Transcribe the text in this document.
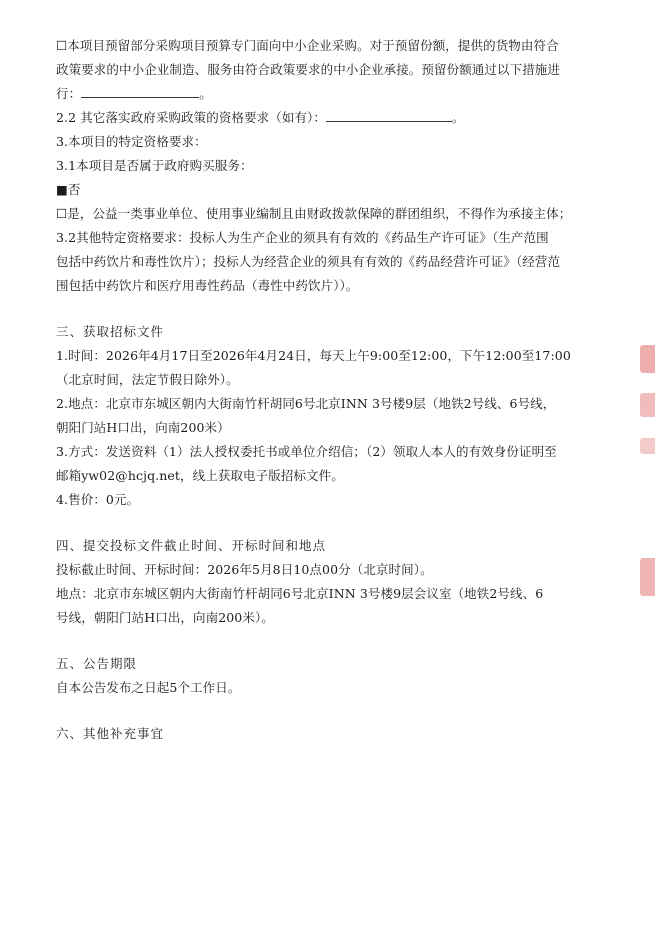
☐本项目预留部分采购项目预算专门面向中小企业采购。对于预留份额，提供的货物由符合
政策要求的中小企业制造、服务由符合政策要求的中小企业承接。预留份额通过以下措施进
行：	。
2.2 其它落实政府采购政策的资格要求（如有）：	。
3.本项目的特定资格要求：
3.1本项目是否属于政府购买服务：
■否
☐是，公益一类事业单位、使用事业编制且由财政拨款保障的群团组织，不得作为承接主体；
3.2其他特定资格要求：投标人为生产企业的须具有有效的《药品生产许可证》（生产范围
包括中药饮片和毒性饮片）；投标人为经营企业的须具有有效的《药品经营许可证》（经营范
围包括中药饮片和医疗用毒性药品（毒性中药饮片））。
三、获取招标文件
1.时间：2026年4月17日至2026年4月24日，每天上午9:00至12:00，下午12:00至17:00
（北京时间，法定节假日除外）。
2.地点：北京市东城区朝内大街南竹杆胡同6号北京INN 3号楼9层（地铁2号线、6号线，
朝阳门站H口出，向南200米）
3.方式：发送资料（1）法人授权委托书或单位介绍信；（2）领取人本人的有效身份证明至
邮箱yw02@hcjq.net，线上获取电子版招标文件。
4.售价：0元。
四、提交投标文件截止时间、开标时间和地点
投标截止时间、开标时间：2026年5月8日10点00分（北京时间）。
地点：北京市东城区朝内大街南竹杆胡同6号北京INN 3号楼9层会议室（地铁2号线、6
号线，朝阳门站H口出，向南200米）。
五、公告期限
自本公告发布之日起5个工作日。
六、其他补充事宜
